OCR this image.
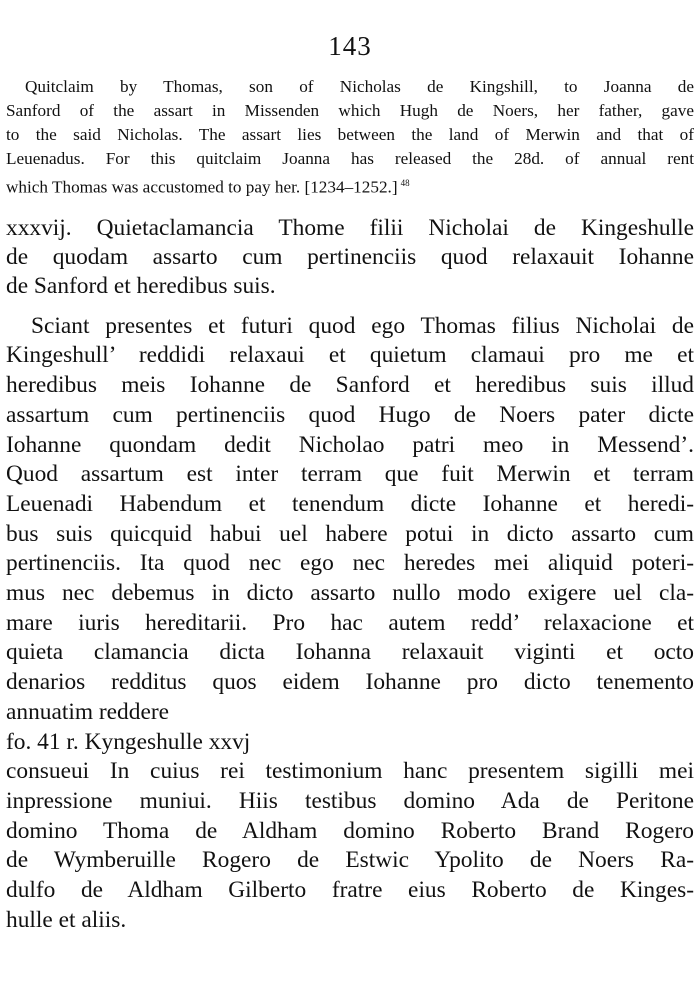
143
Quitclaim by Thomas, son of Nicholas de Kingshill, to Joanna de
Sanford of the assart in Missenden which Hugh de Noers, her father, gave
to the said Nicholas. The assart lies between the land of Merwin and that of
Leuenadus. For this quitclaim Joanna has released the 28d. of annual rent
which Thomas was accustomed to pay her. [1234–1252.] $^{48}$
xxxvij. Quietaclamancia Thome filii Nicholai de Kingeshulle
de quodam assarto cum pertinenciis quod relaxauit Iohanne
de Sanford et heredibus suis.
Sciant presentes et futuri quod ego Thomas filius Nicholai de
Kingeshull’ reddidi relaxaui et quietum clamaui pro me et
heredibus meis Iohanne de Sanford et heredibus suis illud
assartum cum pertinenciis quod Hugo de Noers pater dicte
Iohanne quondam dedit Nicholao patri meo in Messend’.
Quod assartum est inter terram que fuit Merwin et terram
Leuenadi Habendum et tenendum dicte Iohanne et heredi-
bus suis quicquid habui uel habere potui in dicto assarto cum
pertinenciis. Ita quod nec ego nec heredes mei aliquid poteri-
mus nec debemus in dicto assarto nullo modo exigere uel cla-
mare iuris hereditarii. Pro hac autem redd’ relaxacione et
quieta clamancia dicta Iohanna relaxauit viginti et octo
denarios redditus quos eidem Iohanne pro dicto tenemento
annuatim reddere
fo. 41 r. Kyngeshulle xxvj
consueui In cuius rei testimonium hanc presentem sigilli mei
inpressione muniui. Hiis testibus domino Ada de Peritone
domino Thoma de Aldham domino Roberto Brand Rogero
de Wymberuille Rogero de Estwic Ypolito de Noers Ra-
dulfo de Aldham Gilberto fratre eius Roberto de Kinges-
hulle et aliis.
